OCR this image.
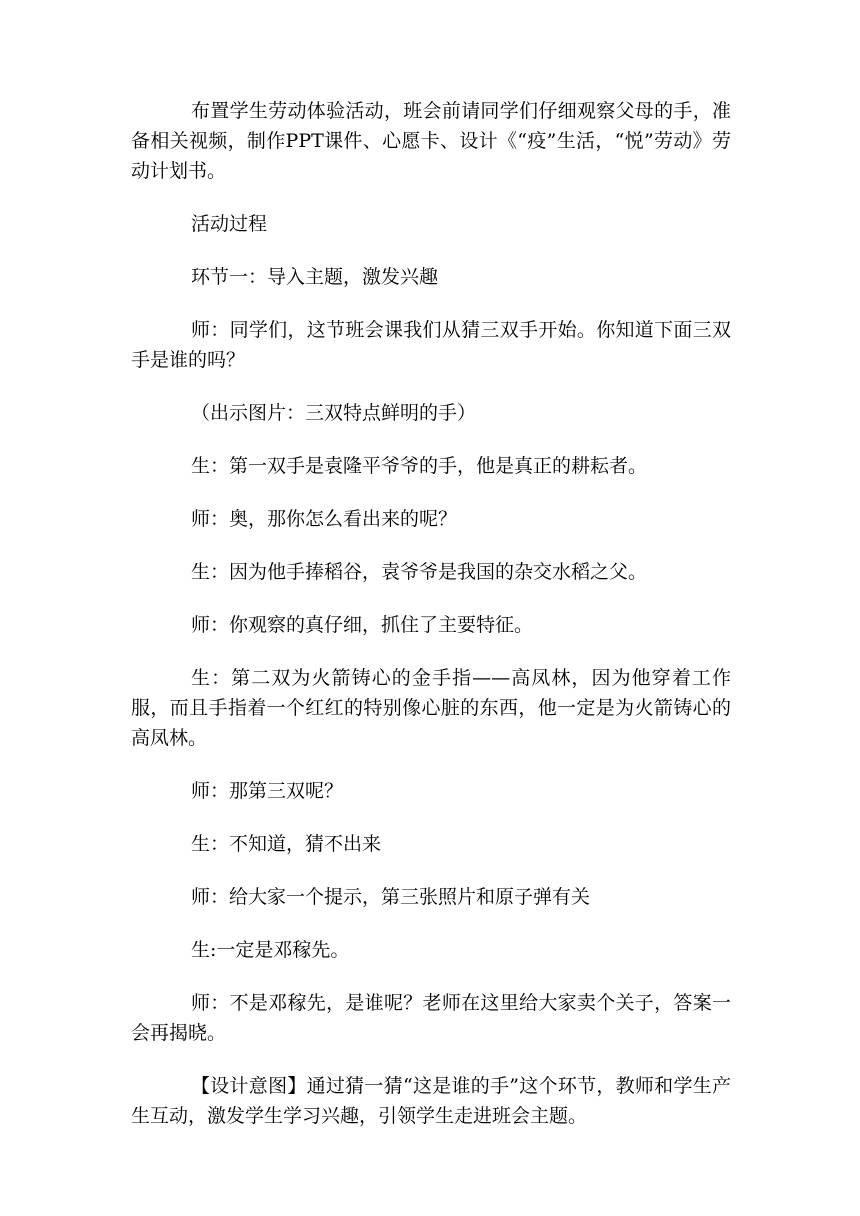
布置学生劳动体验活动，班会前请同学们仔细观察父母的手，准备相关视频，制作PPT课件、心愿卡、设计《“疫”生活，“悦”劳动》劳动计划书。

活动过程

环节一：导入主题，激发兴趣

师：同学们，这节班会课我们从猜三双手开始。你知道下面三双手是谁的吗？

（出示图片：三双特点鲜明的手）

生：第一双手是袁隆平爷爷的手，他是真正的耕耘者。

师：奥，那你怎么看出来的呢？

生：因为他手捧稻谷，袁爷爷是我国的杂交水稻之父。

师：你观察的真仔细，抓住了主要特征。

生：第二双为火箭铸心的金手指——高凤林，因为他穿着工作服，而且手指着一个红红的特别像心脏的东西，他一定是为火箭铸心的高凤林。

师：那第三双呢？

生：不知道，猜不出来

师：给大家一个提示，第三张照片和原子弹有关

生:一定是邓稼先。

师：不是邓稼先，是谁呢？老师在这里给大家卖个关子，答案一会再揭晓。

【设计意图】通过猜一猜“这是谁的手”这个环节，教师和学生产生互动，激发学生学习兴趣，引领学生走进班会主题。
